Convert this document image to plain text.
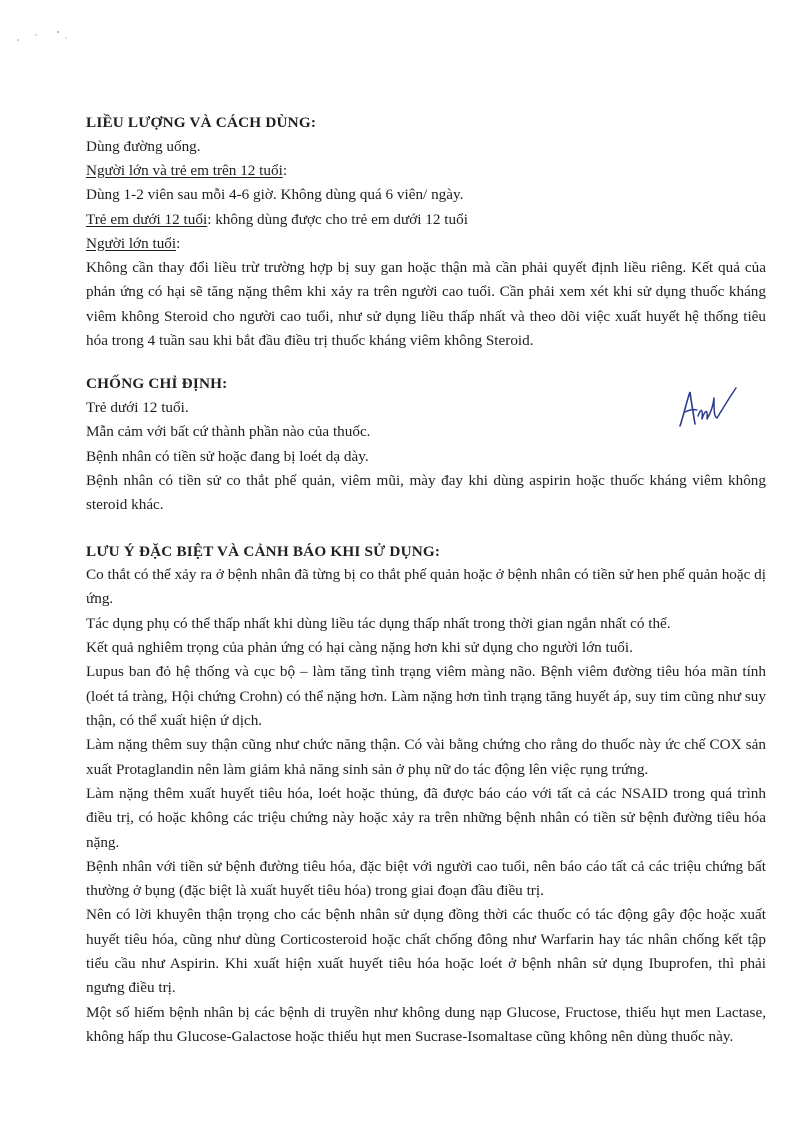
LIỀU LƯỢNG VÀ CÁCH DÙNG:

Dùng đường uống.

Người lớn và trẻ em trên 12 tuổi:

Dùng 1-2 viên sau mỗi 4-6 giờ. Không dùng quá 6 viên/ ngày.

Trẻ em dưới 12 tuổi: không dùng được cho trẻ em dưới 12 tuổi

Người lớn tuổi:

Không cần thay đổi liều trừ trường hợp bị suy gan hoặc thận mà cần phải quyết định liều riêng. Kết quả của phản ứng có hại sẽ tăng nặng thêm khi xảy ra trên người cao tuổi. Cần phải xem xét khi sử dụng thuốc kháng viêm không Steroid cho người cao tuổi, như sử dụng liều thấp nhất và theo dõi việc xuất huyết hệ thống tiêu hóa trong 4 tuần sau khi bắt đầu điều trị thuốc kháng viêm không Steroid.

CHỐNG CHỈ ĐỊNH:

Trẻ dưới 12 tuổi.

Mẫn cảm với bất cứ thành phần nào của thuốc.

Bệnh nhân có tiền sử hoặc đang bị loét dạ dày.

Bệnh nhân có tiền sử co thắt phế quản, viêm mũi, mày đay khi dùng aspirin hoặc thuốc kháng viêm không steroid khác.

LƯU Ý ĐẶC BIỆT VÀ CẢNH BÁO KHI SỬ DỤNG:

Co thắt có thể xảy ra ở bệnh nhân đã từng bị co thắt phế quản hoặc ở bệnh nhân có tiền sử hen phế quản hoặc dị ứng.

Tác dụng phụ có thể thấp nhất khi dùng liều tác dụng thấp nhất trong thời gian ngắn nhất có thể.

Kết quả nghiêm trọng của phản ứng có hại càng nặng hơn khi sử dụng cho người lớn tuổi.

Lupus ban đỏ hệ thống và cục bộ – làm tăng tình trạng viêm màng não. Bệnh viêm đường tiêu hóa mãn tính (loét tá tràng, Hội chứng Crohn) có thể nặng hơn. Làm nặng hơn tình trạng tăng huyết áp, suy tim cũng như suy thận, có thể xuất hiện ứ dịch.

Làm nặng thêm suy thận cũng như chức năng thận. Có vài bằng chứng cho rằng do thuốc này ức chế COX sản xuất Protaglandin nên làm giảm khả năng sinh sản ở phụ nữ do tác động lên việc rụng trứng.

Làm nặng thêm xuất huyết tiêu hóa, loét hoặc thủng, đã được báo cáo với tất cả các NSAID trong quá trình điều trị, có hoặc không các triệu chứng này hoặc xảy ra trên những bệnh nhân có tiền sử bệnh đường tiêu hóa nặng.

Bệnh nhân với tiền sử bệnh đường tiêu hóa, đặc biệt với người cao tuổi, nên báo cáo tất cả các triệu chứng bất thường ở bụng (đặc biệt là xuất huyết tiêu hóa) trong giai đoạn đầu điều trị.

Nên có lời khuyên thận trọng cho các bệnh nhân sử dụng đồng thời các thuốc có tác động gây độc hoặc xuất huyết tiêu hóa, cũng như dùng Corticosteroid hoặc chất chống đông như Warfarin hay tác nhân chống kết tập tiểu cầu như Aspirin. Khi xuất hiện xuất huyết tiêu hóa hoặc loét ở bệnh nhân sử dụng Ibuprofen, thì phải ngưng điều trị.

Một số hiếm bệnh nhân bị các bệnh di truyền như không dung nạp Glucose, Fructose, thiếu hụt men Lactase, không hấp thu Glucose-Galactose hoặc thiếu hụt men Sucrase-Isomaltase cũng không nên dùng thuốc này.
